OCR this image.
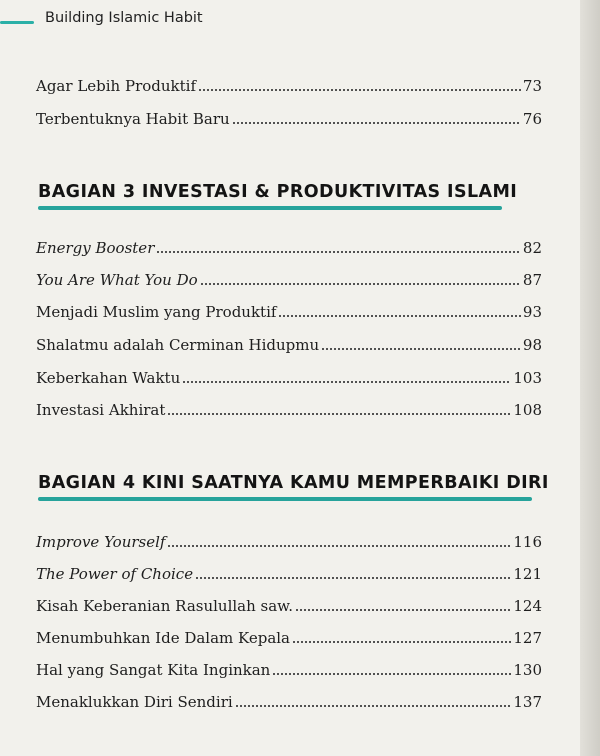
Building Islamic Habit
Agar Lebih Produktif	73
Terbentuknya Habit Baru	76
BAGIAN 3 INVESTASI & PRODUKTIVITAS ISLAMI
Energy Booster	82
You Are What You Do	87
Menjadi Muslim yang Produktif	93
Shalatmu adalah Cerminan Hidupmu	98
Keberkahan Waktu	103
Investasi Akhirat	108
BAGIAN 4 KINI SAATNYA KAMU MEMPERBAIKI DIRI
Improve Yourself	116
The Power of Choice	121
Kisah Keberanian Rasulullah saw.	124
Menumbuhkan Ide Dalam Kepala	127
Hal yang Sangat Kita Inginkan	130
Menaklukkan Diri Sendiri	137
